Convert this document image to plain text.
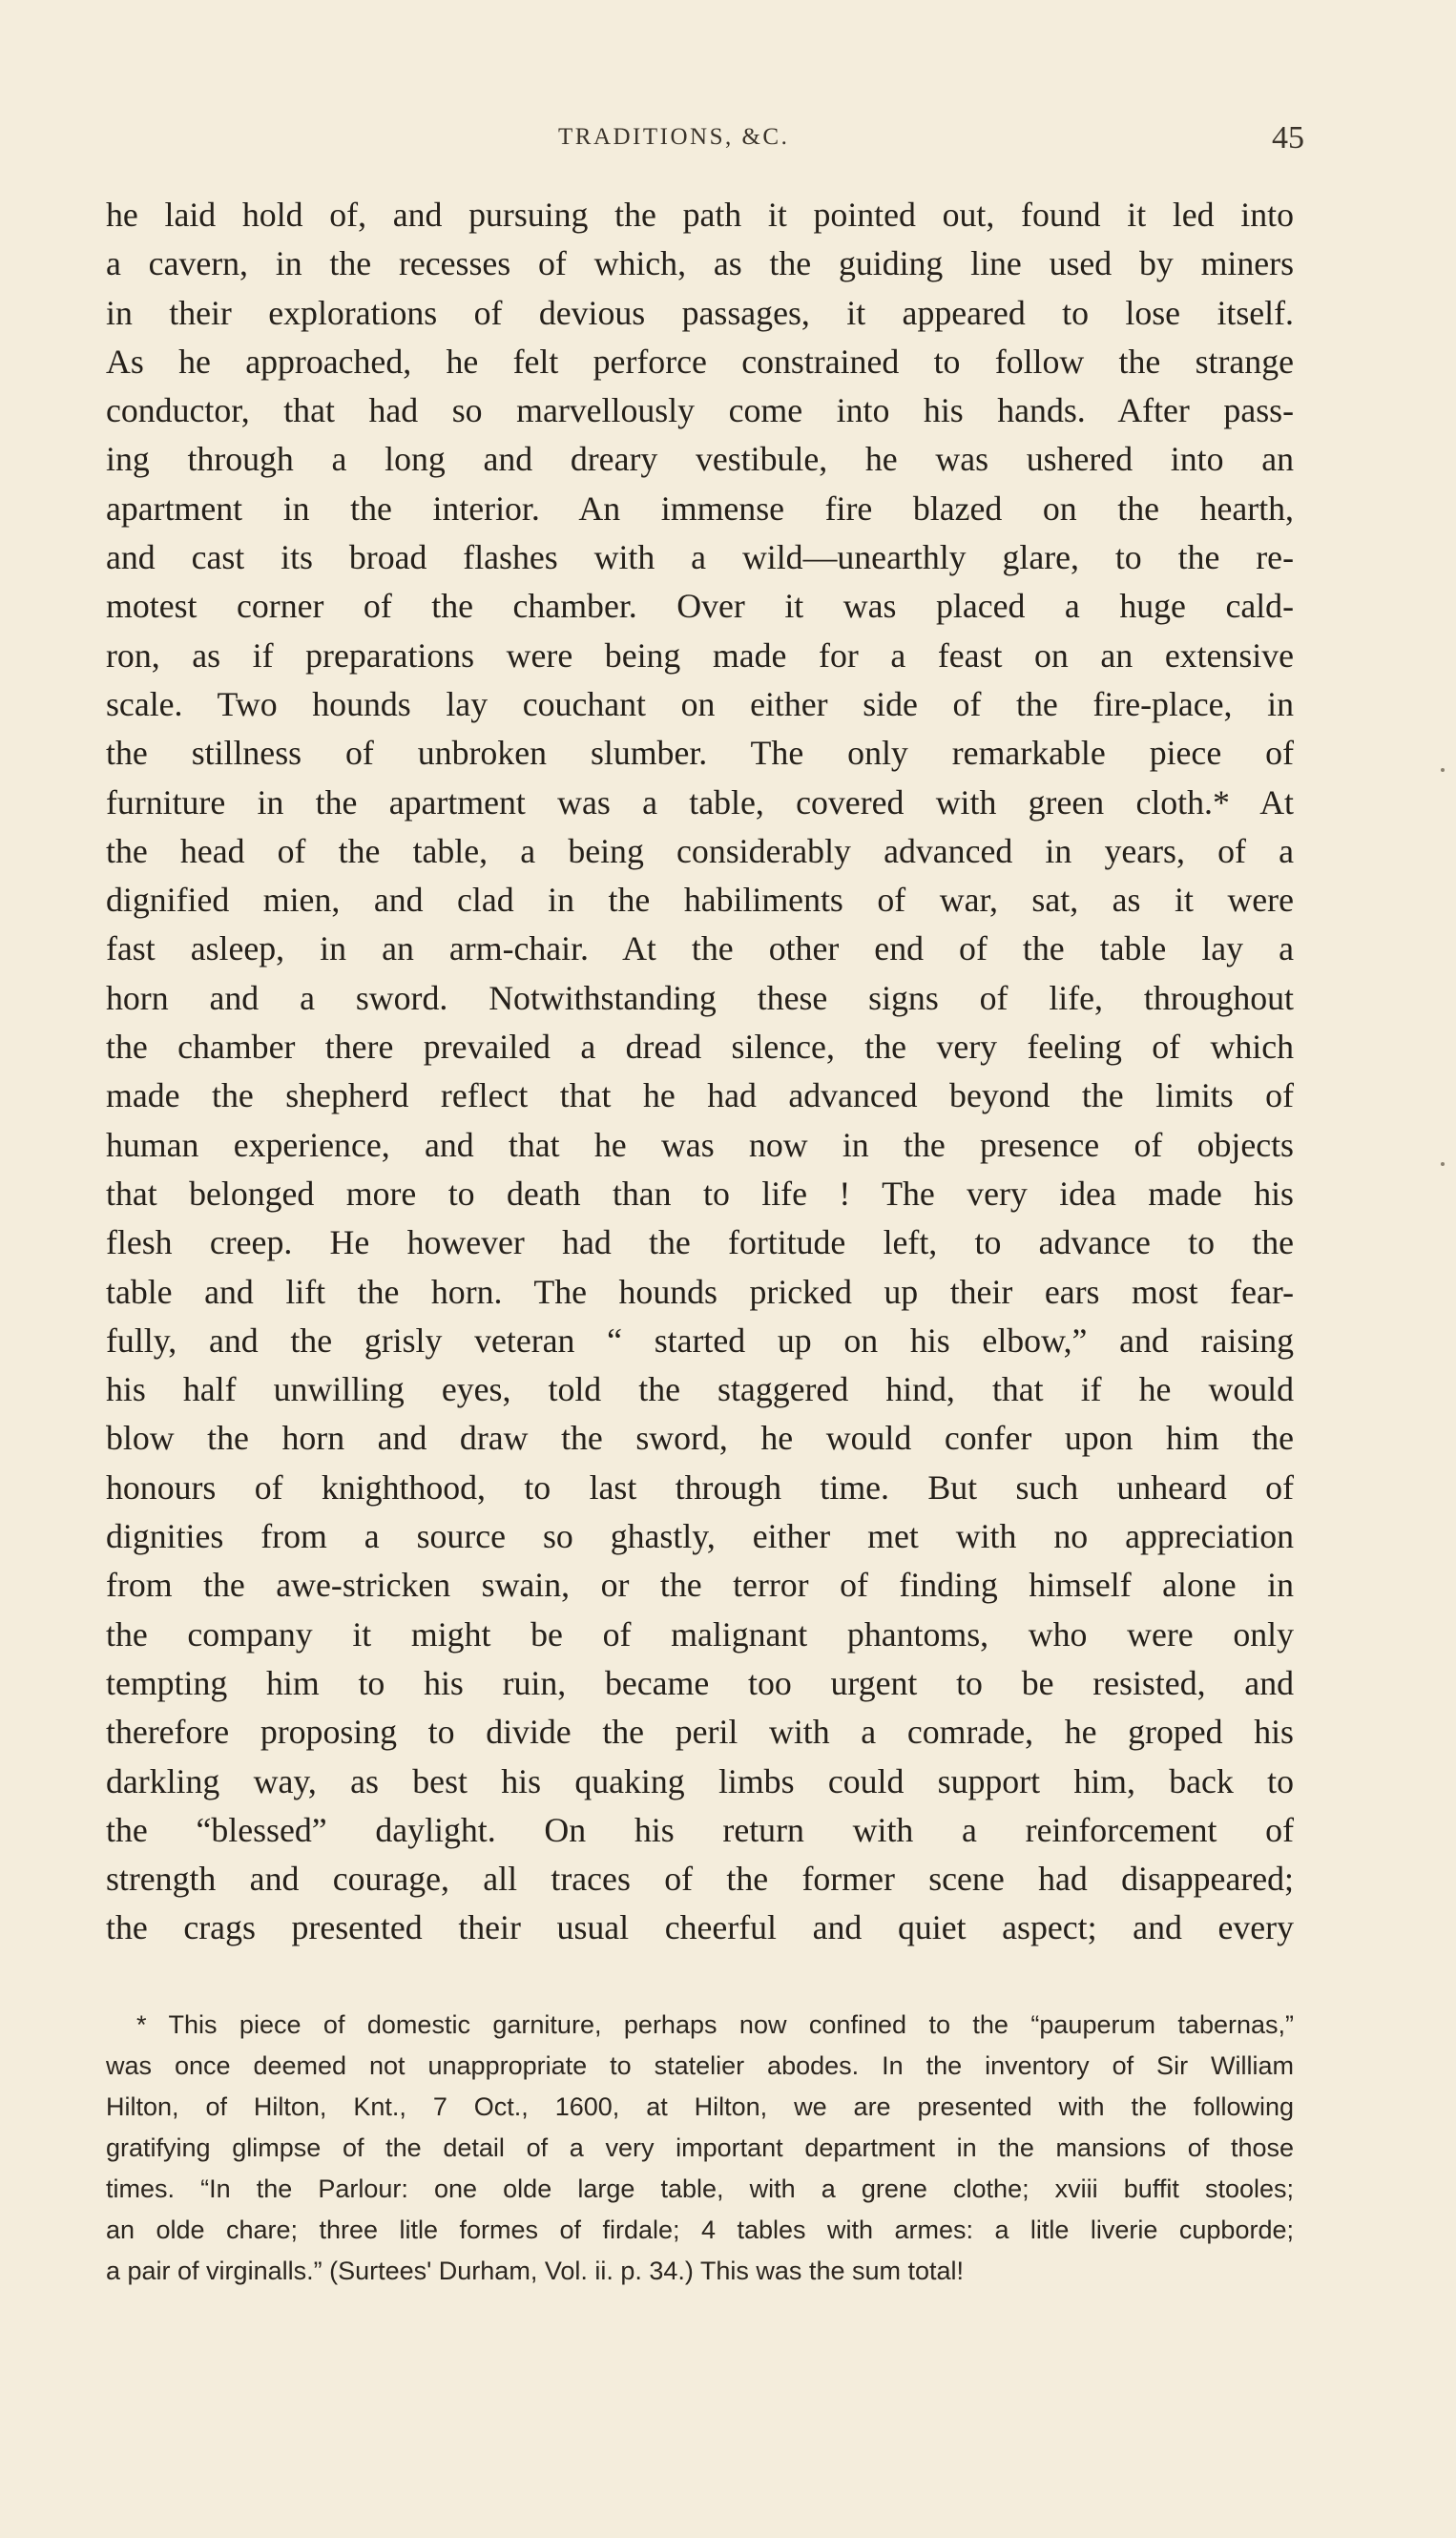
TRADITIONS, &C.	45
he laid hold of, and pursuing the path it pointed out, found it led into
a cavern, in the recesses of which, as the guiding line used by miners
in their explorations of devious passages, it appeared to lose itself.
As he approached, he felt perforce constrained to follow the strange
conductor, that had so marvellously come into his hands. After pass-
ing through a long and dreary vestibule, he was ushered into an
apartment in the interior. An immense fire blazed on the hearth,
and cast its broad flashes with a wild—unearthly glare, to the re-
motest corner of the chamber. Over it was placed a huge cald-
ron, as if preparations were being made for a feast on an extensive
scale. Two hounds lay couchant on either side of the fire-place, in
the stillness of unbroken slumber. The only remarkable piece of
furniture in the apartment was a table, covered with green cloth.* At
the head of the table, a being considerably advanced in years, of a
dignified mien, and clad in the habiliments of war, sat, as it were
fast asleep, in an arm-chair. At the other end of the table lay a
horn and a sword. Notwithstanding these signs of life, throughout
the chamber there prevailed a dread silence, the very feeling of which
made the shepherd reflect that he had advanced beyond the limits of
human experience, and that he was now in the presence of objects
that belonged more to death than to life ! The very idea made his
flesh creep. He however had the fortitude left, to advance to the
table and lift the horn. The hounds pricked up their ears most fear-
fully, and the grisly veteran “ started up on his elbow,” and raising
his half unwilling eyes, told the staggered hind, that if he would
blow the horn and draw the sword, he would confer upon him the
honours of knighthood, to last through time. But such unheard of
dignities from a source so ghastly, either met with no appreciation
from the awe-stricken swain, or the terror of finding himself alone in
the company it might be of malignant phantoms, who were only
tempting him to his ruin, became too urgent to be resisted, and
therefore proposing to divide the peril with a comrade, he groped his
darkling way, as best his quaking limbs could support him, back to
the “blessed” daylight. On his return with a reinforcement of
strength and courage, all traces of the former scene had disappeared;
the crags presented their usual cheerful and quiet aspect; and every
* This piece of domestic garniture, perhaps now confined to the “pauperum tabernas,”
was once deemed not unappropriate to statelier abodes. In the inventory of Sir William
Hilton, of Hilton, Knt., 7 Oct., 1600, at Hilton, we are presented with the following
gratifying glimpse of the detail of a very important department in the mansions of those
times. “In the Parlour: one olde large table, with a grene clothe; xviii buffit stooles;
an olde chare; three litle formes of firdale; 4 tables with armes: a litle liverie cupborde;
a pair of virginalls.” (Surtees' Durham, Vol. ii. p. 34.) This was the sum total!
